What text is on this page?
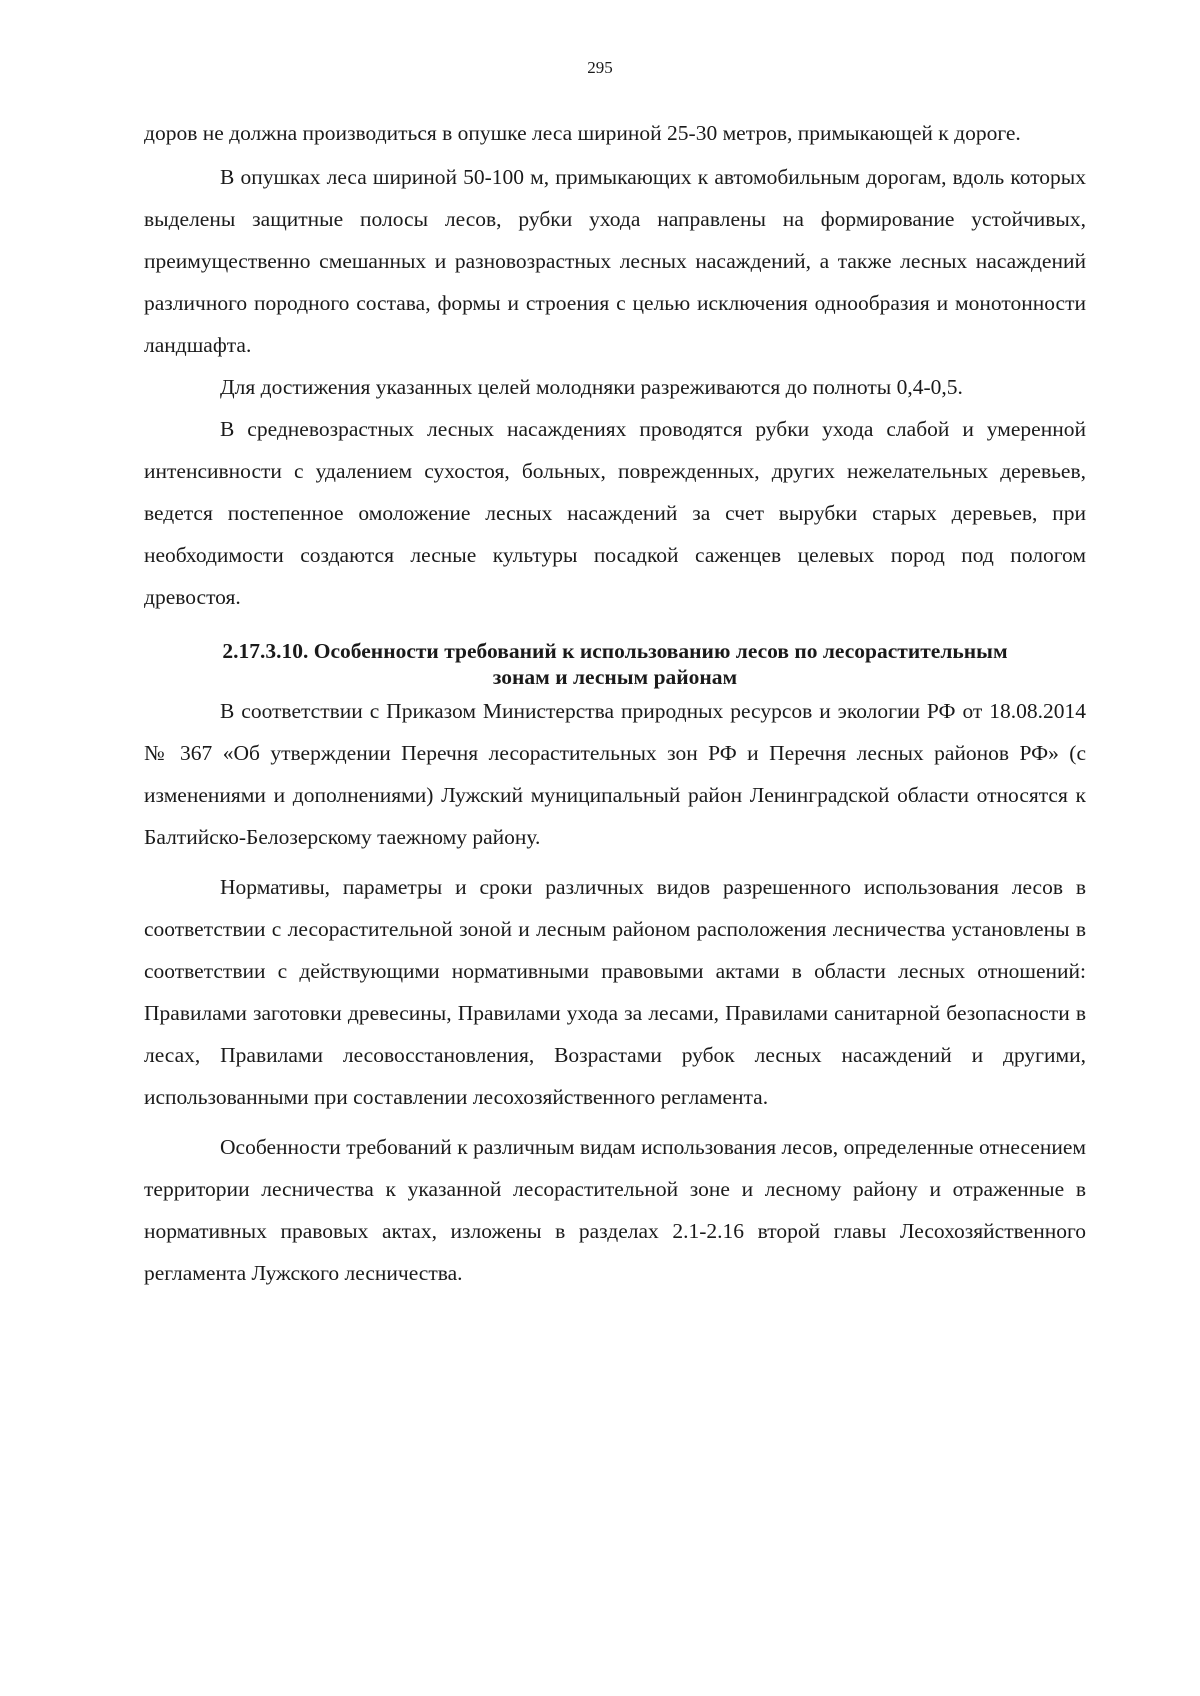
295

доров не должна производиться в опушке леса шириной 25-30 метров, примыкающей к дороге.

В опушках леса шириной 50-100 м, примыкающих к автомобильным дорогам, вдоль которых выделены защитные полосы лесов, рубки ухода направлены на формирование устойчивых, преимущественно смешанных и разновозрастных лесных насаждений, а также лесных насаждений различного породного состава, формы и строения с целью исключения однообразия и монотонности ландшафта.

Для достижения указанных целей молодняки разреживаются до полноты 0,4-0,5.

В средневозрастных лесных насаждениях проводятся рубки ухода слабой и умеренной интенсивности с удалением сухостоя, больных, поврежденных, других нежелательных деревьев, ведется постепенное омоложение лесных насаждений за счет вырубки старых деревьев, при необходимости создаются лесные культуры посадкой саженцев целевых пород под пологом древостоя.

2.17.3.10. Особенности требований к использованию лесов по лесорастительным
зонам и лесным районам

В соответствии с Приказом Министерства природных ресурсов и экологии РФ от 18.08.2014 № 367 «Об утверждении Перечня лесорастительных зон РФ и Перечня лесных районов РФ» (с изменениями и дополнениями) Лужский муниципальный район Ленинградской области относятся к Балтийско-Белозерскому таежному району.

Нормативы, параметры и сроки различных видов разрешенного использования лесов в соответствии с лесорастительной зоной и лесным районом расположения лесничества установлены в соответствии с действующими нормативными правовыми актами в области лесных отношений: Правилами заготовки древесины, Правилами ухода за лесами, Правилами санитарной безопасности в лесах, Правилами лесовосстановления, Возрастами рубок лесных насаждений и другими, использованными при составлении лесохозяйственного регламента.

Особенности требований к различным видам использования лесов, определенные отнесением территории лесничества к указанной лесорастительной зоне и лесному району и отраженные в нормативных правовых актах, изложены в разделах 2.1-2.16 второй главы Лесохозяйственного регламента Лужского лесничества.
